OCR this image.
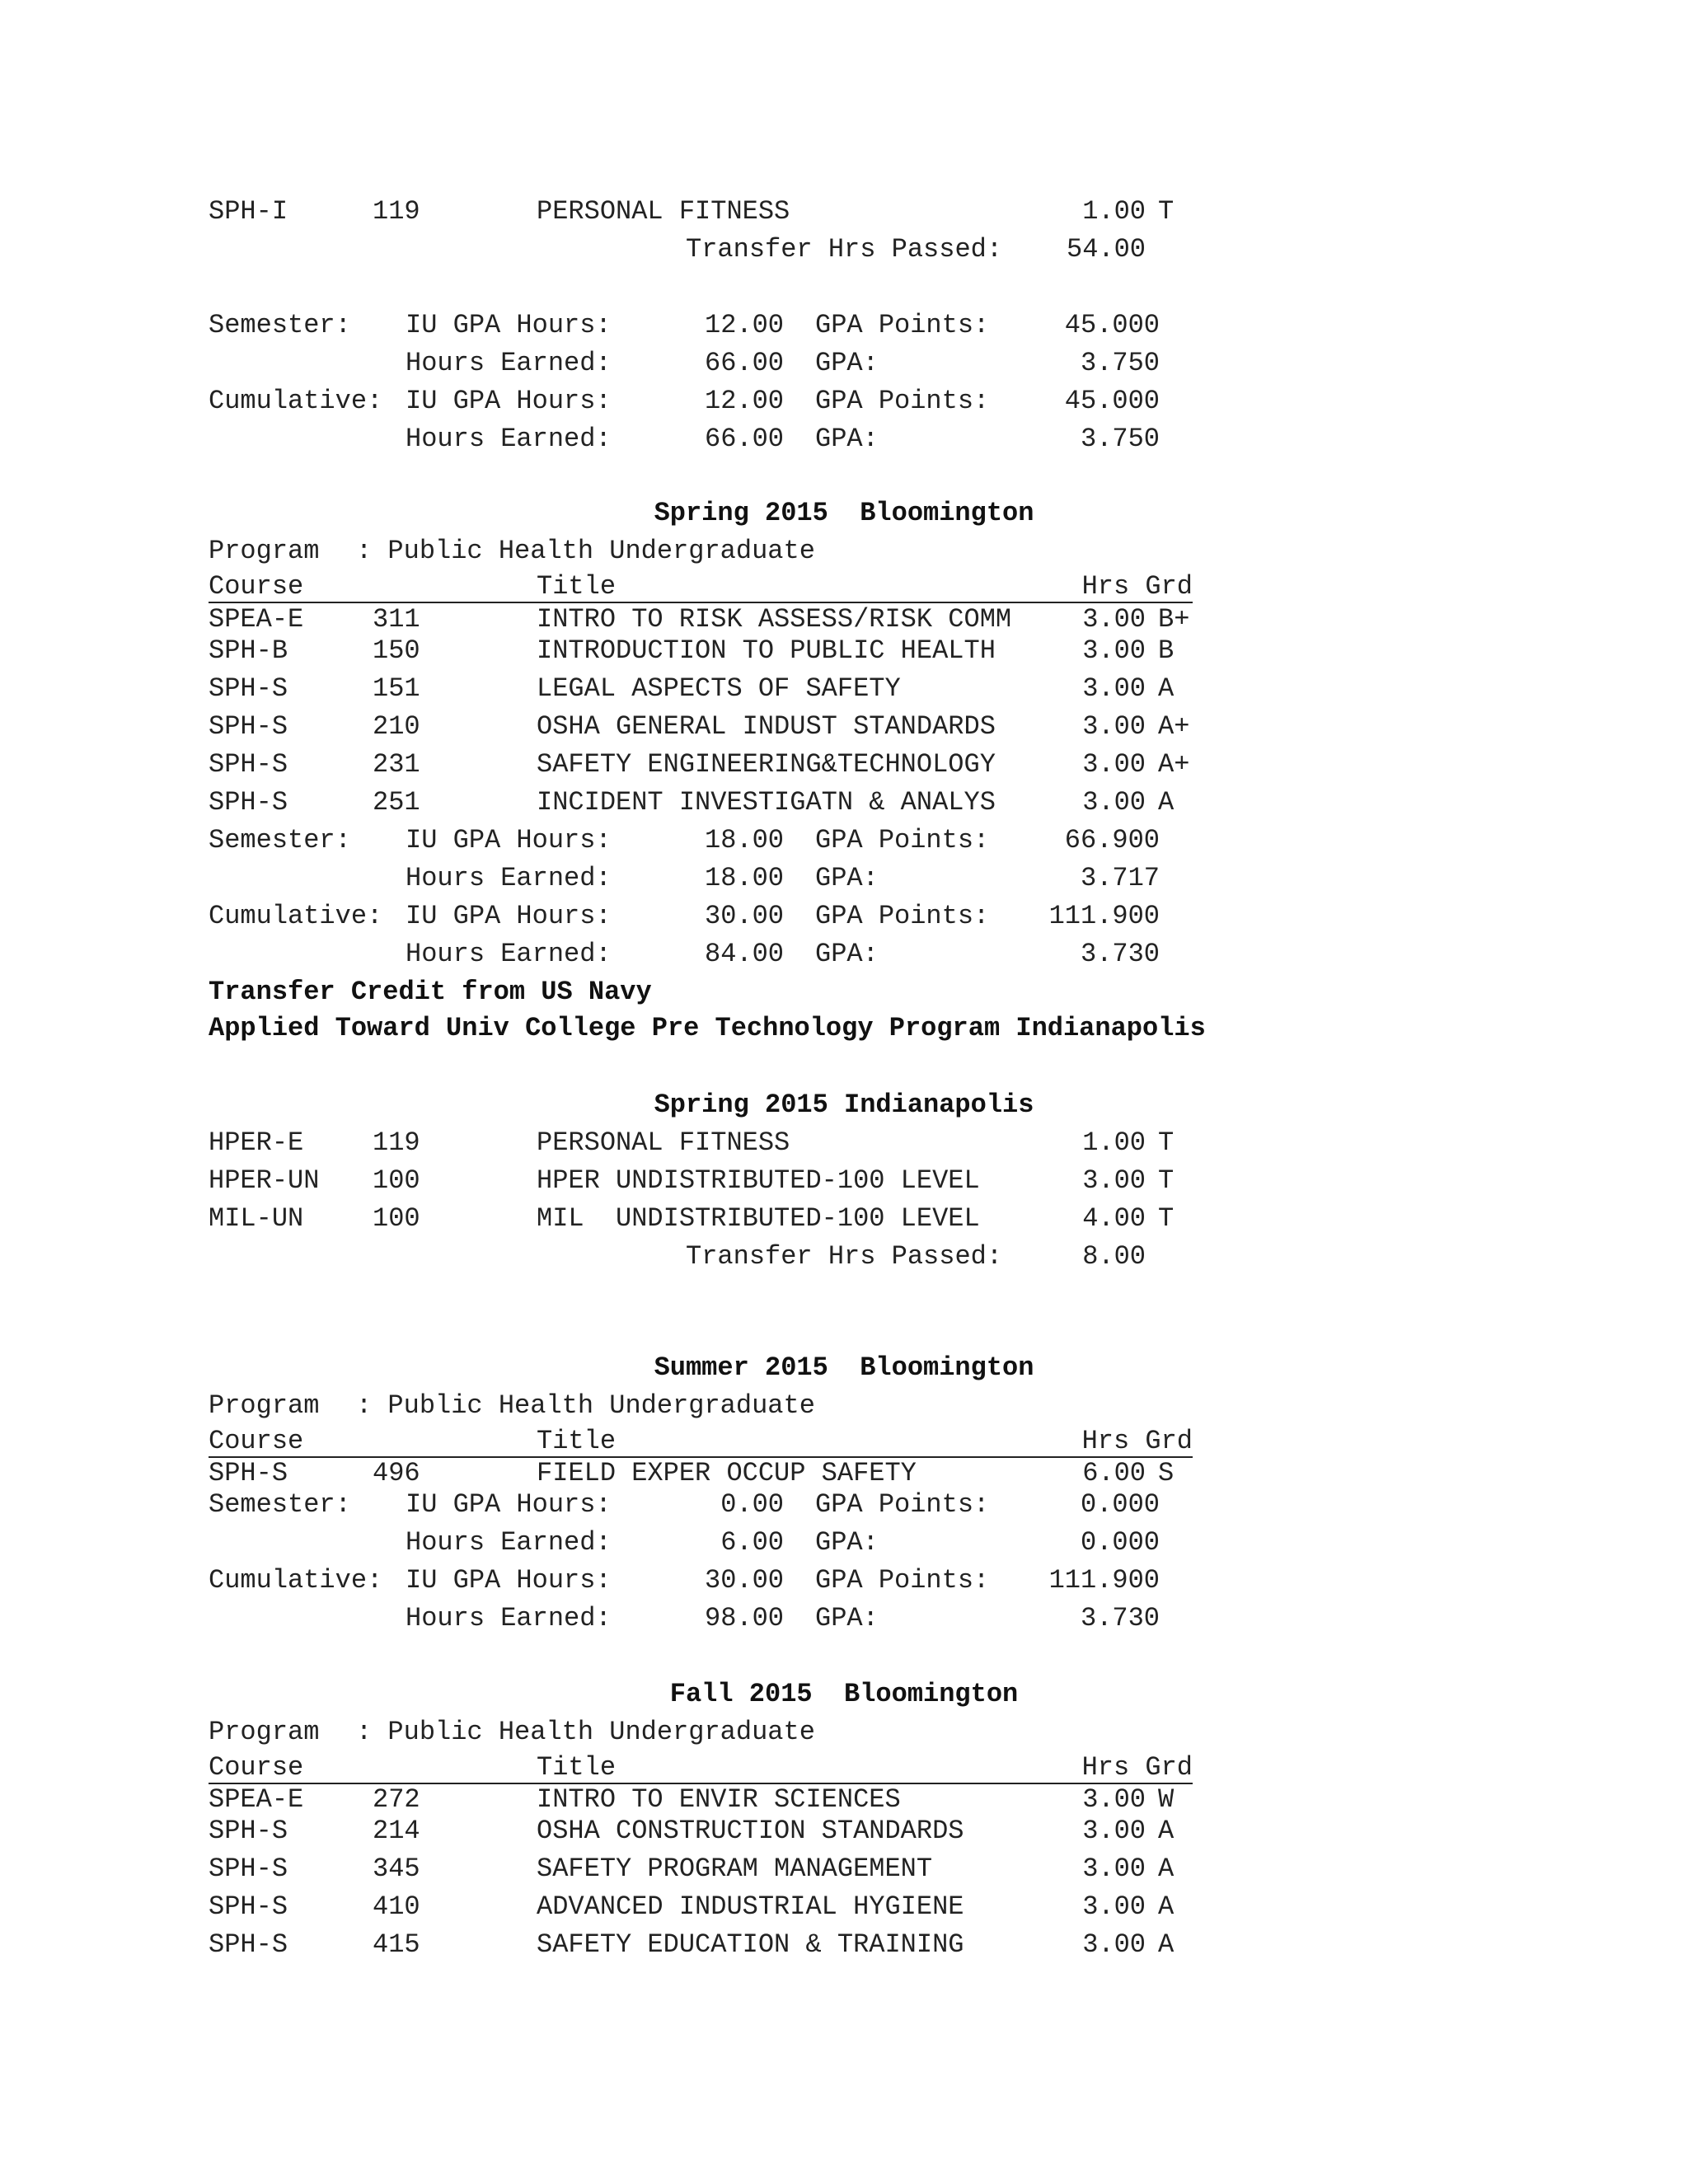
SPH-I	119	PERSONAL FITNESS	1.00 T
Transfer Hrs Passed: 54.00
Semester: IU GPA Hours:	12.00 GPA Points:	45.000
Hours Earned:	66.00 GPA:	3.750
Cumulative: IU GPA Hours:	12.00 GPA Points:	45.000
Hours Earned:	66.00 GPA:	3.750
Spring 2015  Bloomington
Program : Public Health Undergraduate
Course	Title	Hrs Grd
SPEA-E	311	INTRO TO RISK ASSESS/RISK COMM	3.00 B+
SPH-B	150	INTRODUCTION TO PUBLIC HEALTH	3.00 B
SPH-S	151	LEGAL ASPECTS OF SAFETY	3.00 A
SPH-S	210	OSHA GENERAL INDUST STANDARDS	3.00 A+
SPH-S	231	SAFETY ENGINEERING&TECHNOLOGY	3.00 A+
SPH-S	251	INCIDENT INVESTIGATN & ANALYS	3.00 A
Semester: IU GPA Hours:	18.00 GPA Points:	66.900
Hours Earned:	18.00 GPA:	3.717
Cumulative: IU GPA Hours:	30.00 GPA Points: 111.900
Hours Earned:	84.00 GPA:	3.730
Transfer Credit from US Navy
Applied Toward Univ College Pre Technology Program Indianapolis
Spring 2015 Indianapolis
HPER-E	119	PERSONAL FITNESS	1.00 T
HPER-UN 100	HPER UNDISTRIBUTED-100 LEVEL	3.00 T
MIL-UN	100	MIL  UNDISTRIBUTED-100 LEVEL	4.00 T
Transfer Hrs Passed:	8.00
Summer 2015  Bloomington
Program : Public Health Undergraduate
Course	Title	Hrs Grd
SPH-S	496	FIELD EXPER OCCUP SAFETY	6.00 S
Semester: IU GPA Hours:	0.00 GPA Points:	0.000
Hours Earned:	6.00 GPA:	0.000
Cumulative: IU GPA Hours:	30.00 GPA Points: 111.900
Hours Earned:	98.00 GPA:	3.730
Fall 2015  Bloomington
Program : Public Health Undergraduate
Course	Title	Hrs Grd
SPEA-E	272	INTRO TO ENVIR SCIENCES	3.00 W
SPH-S	214	OSHA CONSTRUCTION STANDARDS	3.00 A
SPH-S	345	SAFETY PROGRAM MANAGEMENT	3.00 A
SPH-S	410	ADVANCED INDUSTRIAL HYGIENE	3.00 A
SPH-S	415	SAFETY EDUCATION & TRAINING	3.00 A
